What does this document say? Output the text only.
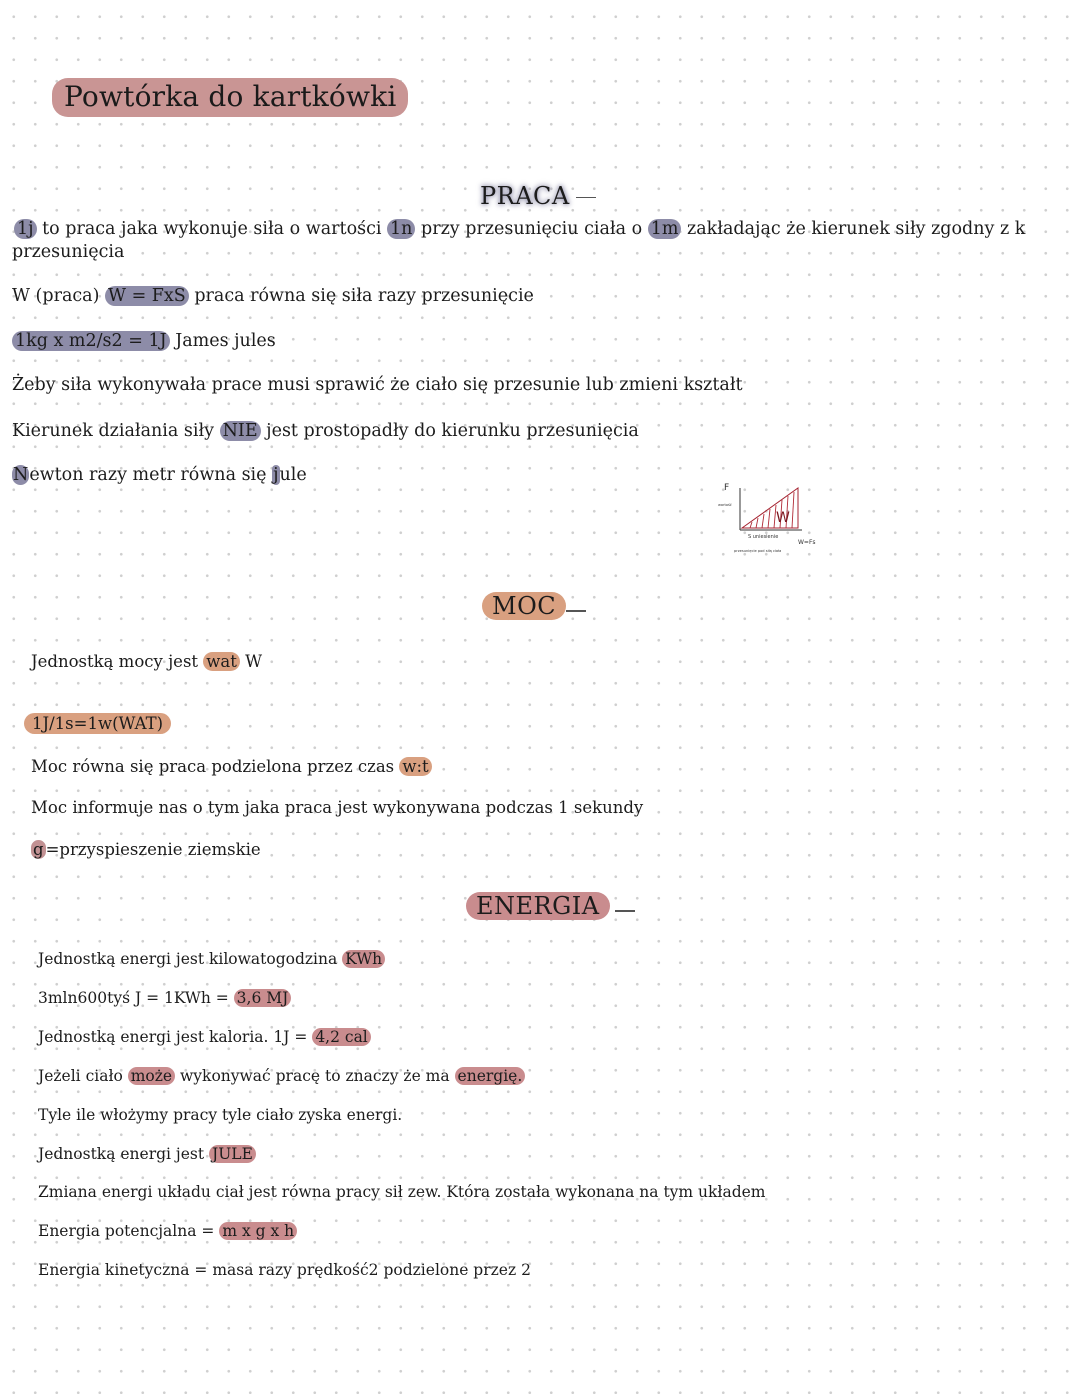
Powtórka do kartkówki
PRACA
1j to praca jaka wykonuje siła o wartości 1n przy przesunięciu ciała o 1m zakładając że kierunek siły zgodny z k
przesunięcia
W (praca) W = FxS praca równa się siła razy przesunięcie
1kg x m2/s2 = 1J James jules
Żeby siła wykonywała prace musi sprawić że ciało się przesunie lub zmieni kształt
Kierunek działania siły NIE jest prostopadły do kierunku przesunięcia
Newton razy metr równa się jule
F
wartość
W
S uniesienie
W=Fs
przesunięcie pod siłą ciała
MOC
Jednostką mocy jest wat W
1J/1s=1w(WAT)
Moc równa się praca podzielona przez czas w:t
Moc informuje nas o tym jaka praca jest wykonywana podczas 1 sekundy
g =przyspieszenie ziemskie
ENERGIA
Jednostką energi jest kilowatogodzina KWh
3mln600tyś J = 1KWh = 3,6 MJ
Jednostką energi jest kaloria. 1J = 4,2 cal
Jeżeli ciało może wykonywać pracę to znaczy że ma energię.
Tyle ile włożymy pracy tyle ciało zyska energi.
Jednostką energi jest JULE
Zmiana energi układu ciał jest równa pracy sił zew. Która została wykonana na tym układem
Energia potencjalna = m x g x h
Energia kinetyczna = masa razy prędkość2 podzielone przez 2
